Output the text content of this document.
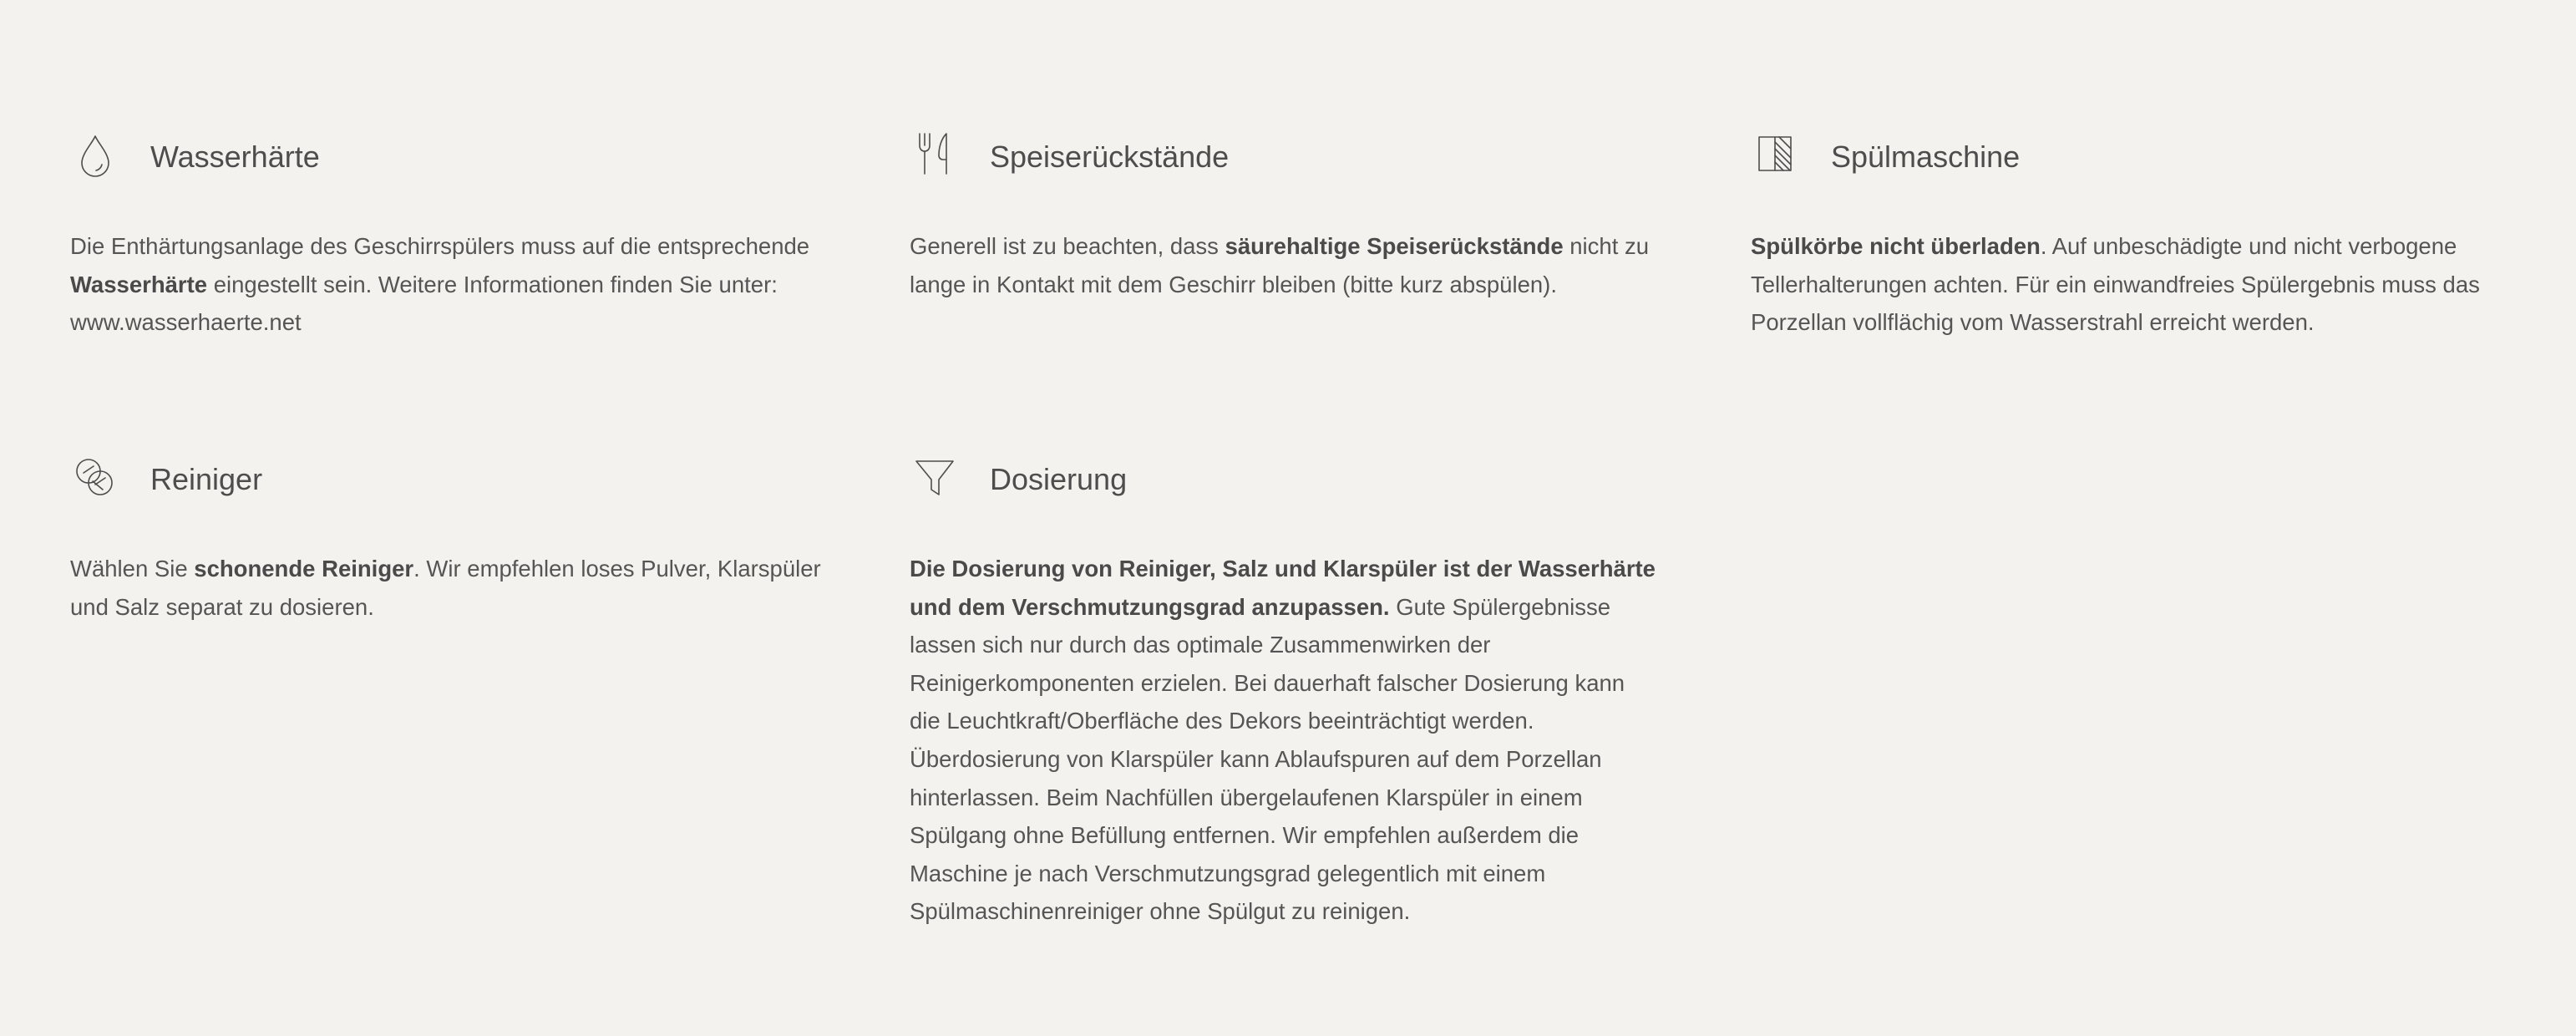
Wasserhärte
Die Enthärtungsanlage des Geschirrspülers muss auf die entsprechende Wasserhärte eingestellt sein. Weitere Informationen finden Sie unter: www.wasserhaerte.net
Speiserückstände
Generell ist zu beachten, dass säurehaltige Speiserückstände nicht zu lange in Kontakt mit dem Geschirr bleiben (bitte kurz abspülen).
Spülmaschine
Spülkörbe nicht überladen. Auf unbeschädigte und nicht verbogene Tellerhalterungen achten. Für ein einwandfreies Spülergebnis muss das Porzellan vollflächig vom Wasserstrahl erreicht werden.
Reiniger
Wählen Sie schonende Reiniger. Wir empfehlen loses Pulver, Klarspüler und Salz separat zu dosieren.
Dosierung
Die Dosierung von Reiniger, Salz und Klarspüler ist der Wasserhärte und dem Verschmutzungsgrad anzupassen. Gute Spülergebnisse lassen sich nur durch das optimale Zusammenwirken der Reinigerkomponenten erzielen. Bei dauerhaft falscher Dosierung kann die Leuchtkraft/Oberfläche des Dekors beeinträchtigt werden. Überdosierung von Klarspüler kann Ablaufspuren auf dem Porzellan hinterlassen. Beim Nachfüllen übergelaufenen Klarspüler in einem Spülgang ohne Befüllung entfernen. Wir empfehlen außerdem die Maschine je nach Verschmutzungsgrad gelegentlich mit einem Spülmaschinenreiniger ohne Spülgut zu reinigen.
